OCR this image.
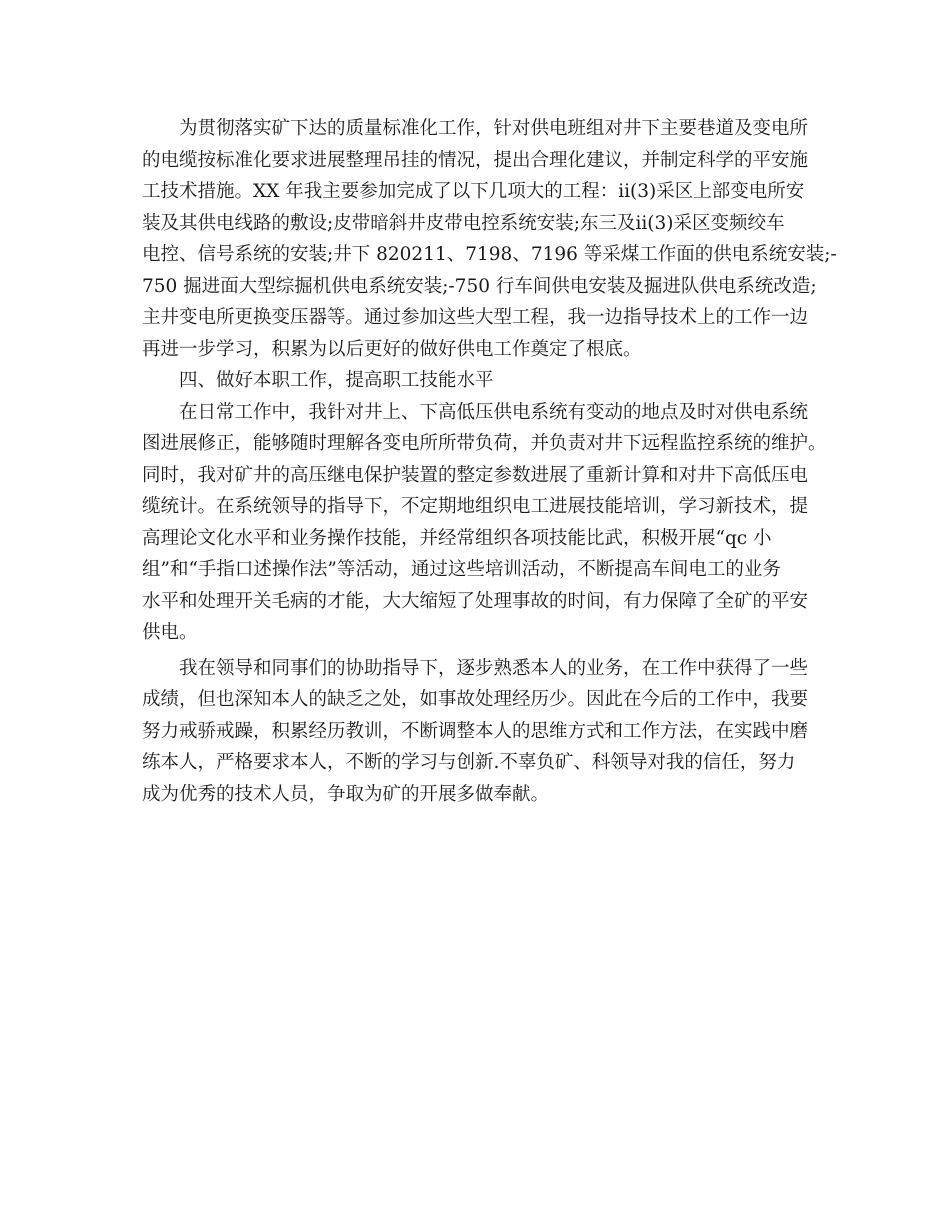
为贯彻落实矿下达的质量标准化工作，针对供电班组对井下主要巷道及变电所
的电缆按标准化要求进展整理吊挂的情况，提出合理化建议，并制定科学的平安施
工技术措施。XX 年我主要参加完成了以下几项大的工程：ⅱ(3)采区上部变电所安
装及其供电线路的敷设;皮带暗斜井皮带电控系统安装;东三及ⅱ(3)采区变频绞车
电控、信号系统的安装;井下 820211、7198、7196 等采煤工作面的供电系统安装;-
750 掘进面大型综掘机供电系统安装;-750 行车间供电安装及掘进队供电系统改造;
主井变电所更换变压器等。通过参加这些大型工程，我一边指导技术上的工作一边
再进一步学习，积累为以后更好的做好供电工作奠定了根底。
四、做好本职工作，提高职工技能水平
在日常工作中，我针对井上、下高低压供电系统有变动的地点及时对供电系统
图进展修正，能够随时理解各变电所所带负荷，并负责对井下远程监控系统的维护。
同时，我对矿井的高压继电保护装置的整定参数进展了重新计算和对井下高低压电
缆统计。在系统领导的指导下，不定期地组织电工进展技能培训，学习新技术，提
高理论文化水平和业务操作技能，并经常组织各项技能比武，积极开展“qc 小
组”和“手指口述操作法”等活动，通过这些培训活动，不断提高车间电工的业务
水平和处理开关毛病的才能，大大缩短了处理事故的时间，有力保障了全矿的平安
供电。
我在领导和同事们的协助指导下，逐步熟悉本人的业务，在工作中获得了一些
成绩，但也深知本人的缺乏之处，如事故处理经历少。因此在今后的工作中，我要
努力戒骄戒躁，积累经历教训，不断调整本人的思维方式和工作方法，在实践中磨
练本人，严格要求本人，不断的学习与创新.不辜负矿、科领导对我的信任，努力
成为优秀的技术人员，争取为矿的开展多做奉献。
